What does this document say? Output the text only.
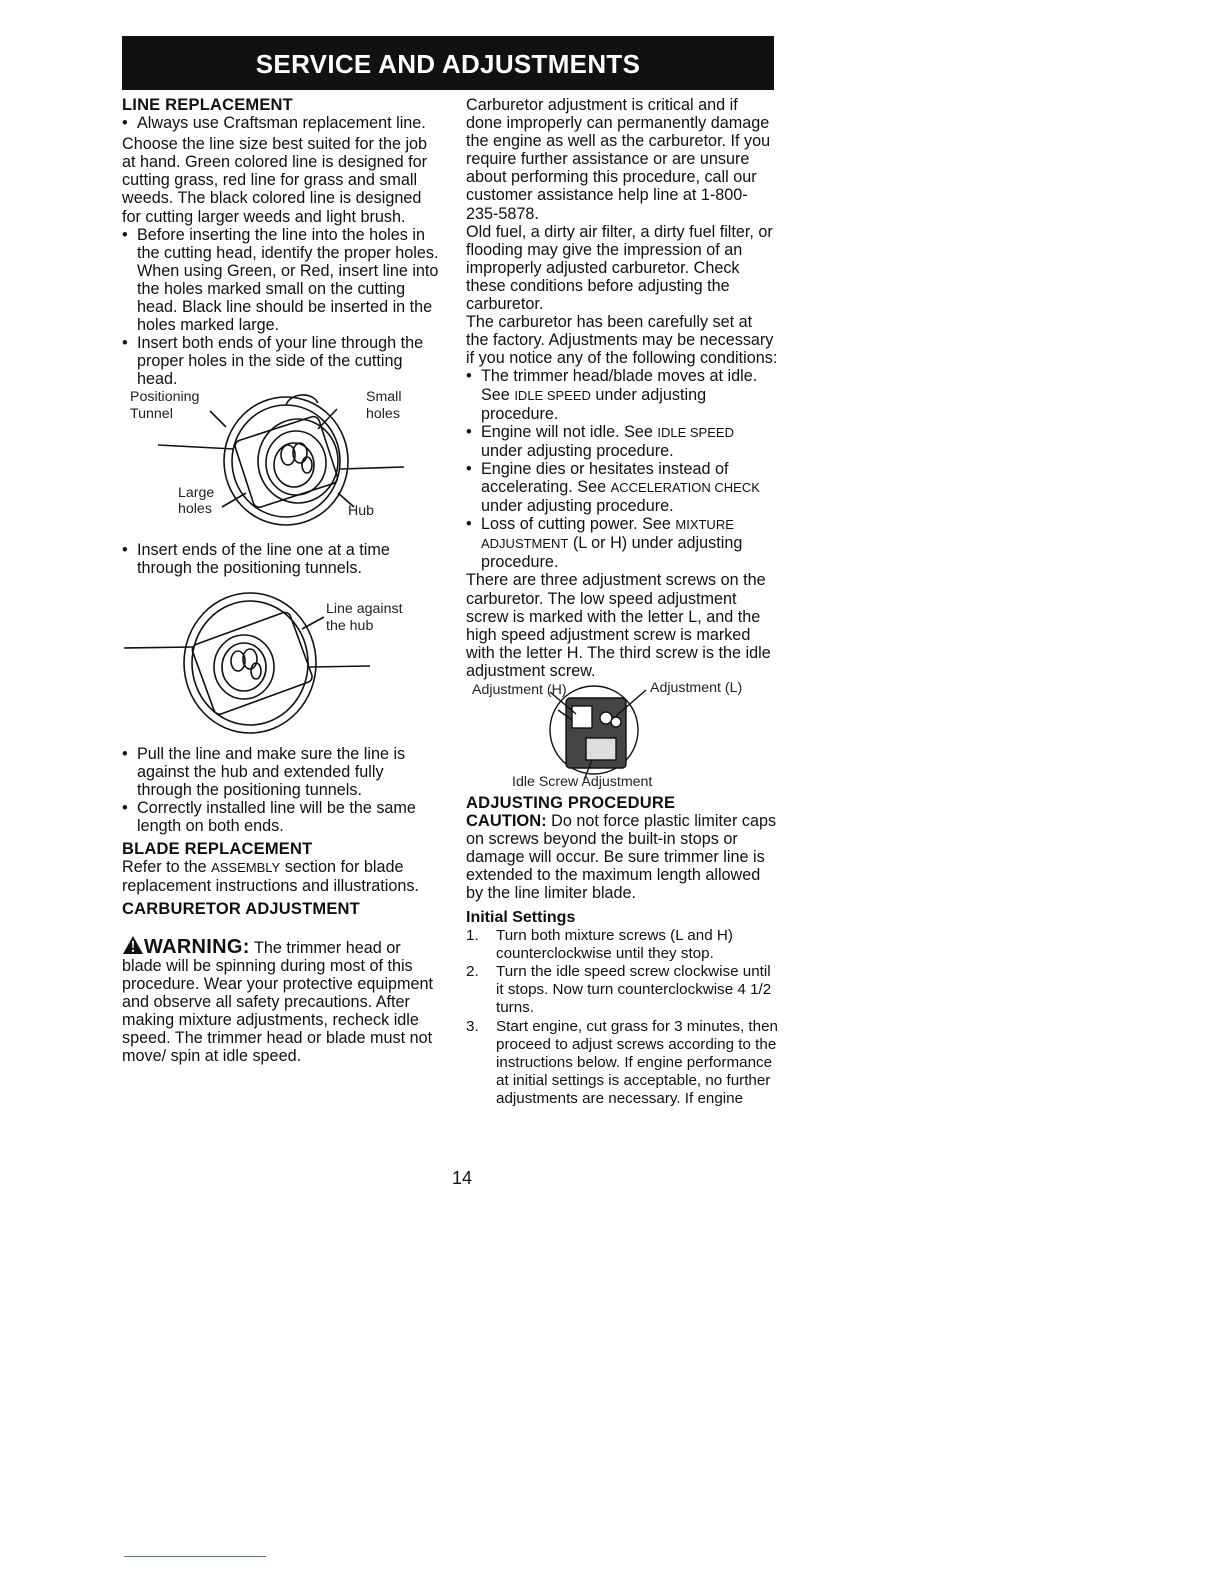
SERVICE AND ADJUSTMENTS
LINE REPLACEMENT
• Always use Craftsman replacement line.

Choose the line size best suited for the job at hand. Green colored line is designed for cutting grass, red line for grass and small weeds. The black colored line is designed for cutting larger weeds and light brush.

• Before inserting the line into the holes in the cutting head, identify the proper holes. When using Green, or Red, insert line into the holes marked small on the cutting head. Black line should be inserted in the holes marked large.
• Insert both ends of your line through the proper holes in the side of the cutting head.
Positioning
Tunnel
Small
holes
Large
holes	Hub
• Insert ends of the line one at a time through the positioning tunnels.
Line against
the hub
• Pull the line and make sure the line is against the hub and extended fully through the positioning tunnels.
• Correctly installed line will be the same length on both ends.
BLADE REPLACEMENT

Refer to the ASSEMBLY section for blade replacement instructions and illustrations.

CARBURETOR ADJUSTMENT

WARNING: The trimmer head or blade will be spinning during most of this procedure. Wear your protective equipment and observe all safety precautions. After making mixture adjustments, recheck idle speed. The trimmer head or blade must not move/ spin at idle speed.

Carburetor adjustment is critical and if done improperly can permanently damage the engine as well as the carburetor. If you require further assistance or are unsure about performing this procedure, call our customer assistance help line at 1-800-235-5878.

Old fuel, a dirty air filter, a dirty fuel filter, or flooding may give the impression of an improperly adjusted carburetor. Check these conditions before adjusting the carburetor.

The carburetor has been carefully set at the factory. Adjustments may be necessary if you notice any of the following conditions:

• The trimmer head/blade moves at idle. See IDLE SPEED under adjusting procedure.
• Engine will not idle. See IDLE SPEED under adjusting procedure.
• Engine dies or hesitates instead of accelerating. See ACCELERATION CHECK under adjusting procedure.
• Loss of cutting power. See MIXTURE ADJUSTMENT (L or H) under adjusting procedure.

There are three adjustment screws on the carburetor. The low speed adjustment screw is marked with the letter L, and the high speed adjustment screw is marked with the letter H. The third screw is the idle adjustment screw.

Adjustment (H)	Adjustment (L)
Idle Screw Adjustment
ADJUSTING PROCEDURE

CAUTION: Do not force plastic limiter caps on screws beyond the built-in stops or damage will occur. Be sure trimmer line is extended to the maximum length allowed by the line limiter blade.

Initial Settings
1.	Turn both mixture screws (L and H) counterclockwise until they stop.
2.	Turn the idle speed screw clockwise until it stops. Now turn counterclockwise 4 1/2 turns.
3.	Start engine, cut grass for 3 minutes, then proceed to adjust screws according to the instructions below. If engine performance at initial settings is acceptable, no further adjustments are necessary. If engine
14
